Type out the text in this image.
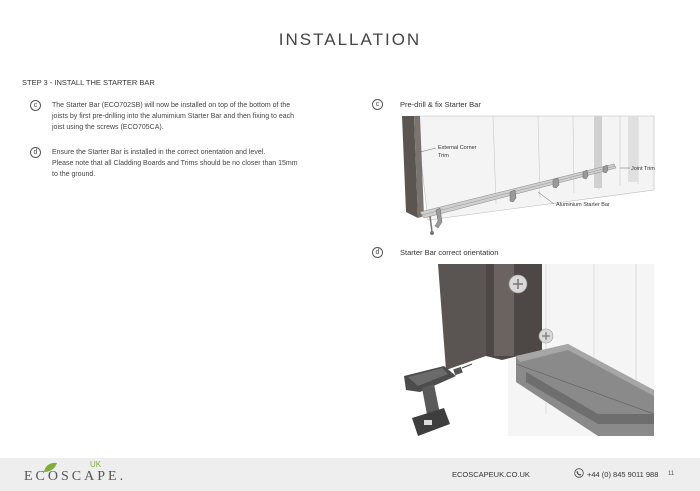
INSTALLATION
STEP 3 - INSTALL THE STARTER BAR
c	The Starter Bar (ECO702SB) will now be installed on top of the bottom of the
joists by first pre-drilling into the alumimium Starter Bar and then fixing to each
joist using the screws (ECO705CA).
d	Ensure the Starter Bar is installed in the correct orientation and level.
Please note that all Cladding Boards and Trims should be no closer than 15mm
to the ground.
c	Pre-drill & fix Starter Bar
External Corner
Trim
Joint Trim
Aluminium Starter Bar
d	Starter Bar correct orientation
UK
ECOSCAPE.	ECOSCAPEUK.CO.UK	+44 (0) 845 9011 988 11
